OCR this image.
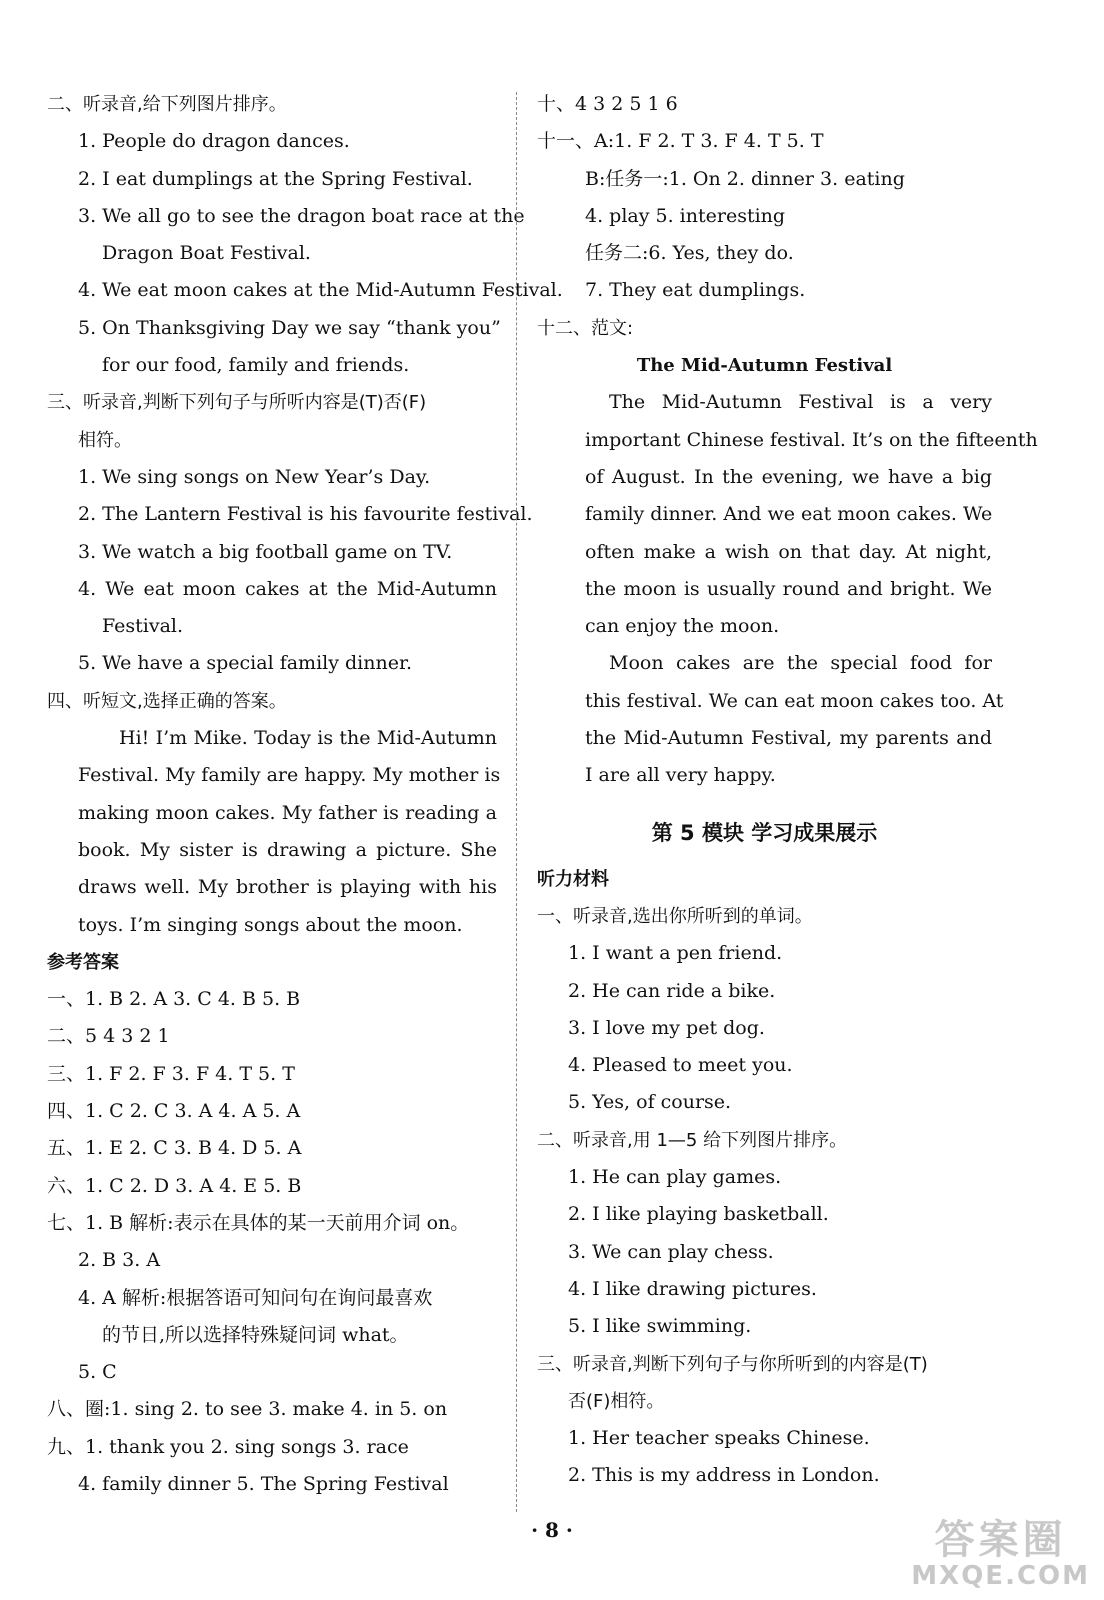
二、听录音,给下列图片排序。
1. People do dragon dances.
2. I eat dumplings at the Spring Festival.
3. We all go to see the dragon boat race at the
Dragon Boat Festival.
4. We eat moon cakes at the Mid-Autumn Festival.
5. On Thanksgiving Day we say “thank you”
for our food, family and friends.
三、听录音,判断下列句子与所听内容是(T)否(F)
相符。
1. We sing songs on New Year’s Day.
2. The Lantern Festival is his favourite festival.
3. We watch a big football game on TV.
4. We eat moon cakes at the Mid-Autumn
Festival.
5. We have a special family dinner.
四、听短文,选择正确的答案。
Hi! I’m Mike. Today is the Mid-Autumn
Festival. My family are happy. My mother is
making moon cakes. My father is reading a
book. My sister is drawing a picture. She
draws well. My brother is playing with his
toys. I’m singing songs about the moon.
参考答案
一、1. B 2. A 3. C 4. B 5. B
二、5 4 3 2 1
三、1. F 2. F 3. F 4. T 5. T
四、1. C 2. C 3. A 4. A 5. A
五、1. E 2. C 3. B 4. D 5. A
六、1. C 2. D 3. A 4. E 5. B
七、1. B 解析:表示在具体的某一天前用介词 on。
2. B 3. A
4. A 解析:根据答语可知问句在询问最喜欢
的节日,所以选择特殊疑问词 what。
5. C
八、圈:1. sing 2. to see 3. make 4. in 5. on
九、1. thank you 2. sing songs 3. race
4. family dinner 5. The Spring Festival
十、4 3 2 5 1 6
十一、A:1. F 2. T 3. F 4. T 5. T
B:任务一:1. On 2. dinner 3. eating
4. play 5. interesting
任务二:6. Yes, they do.
7. They eat dumplings.
十二、范文:
The Mid-Autumn Festival
The Mid-Autumn Festival is a very
important Chinese festival. It’s on the fifteenth
of August. In the evening, we have a big
family dinner. And we eat moon cakes. We
often make a wish on that day. At night,
the moon is usually round and bright. We
can enjoy the moon.
Moon cakes are the special food for
this festival. We can eat moon cakes too. At
the Mid-Autumn Festival, my parents and
I are all very happy.
第 5 模块 学习成果展示
听力材料
一、听录音,选出你所听到的单词。
1. I want a pen friend.
2. He can ride a bike.
3. I love my pet dog.
4. Pleased to meet you.
5. Yes, of course.
二、听录音,用 1—5 给下列图片排序。
1. He can play games.
2. I like playing basketball.
3. We can play chess.
4. I like drawing pictures.
5. I like swimming.
三、听录音,判断下列句子与你所听到的内容是(T)
否(F)相符。
1. Her teacher speaks Chinese.
2. This is my address in London.
· 8 ·	答案圈
MXQE.COM
